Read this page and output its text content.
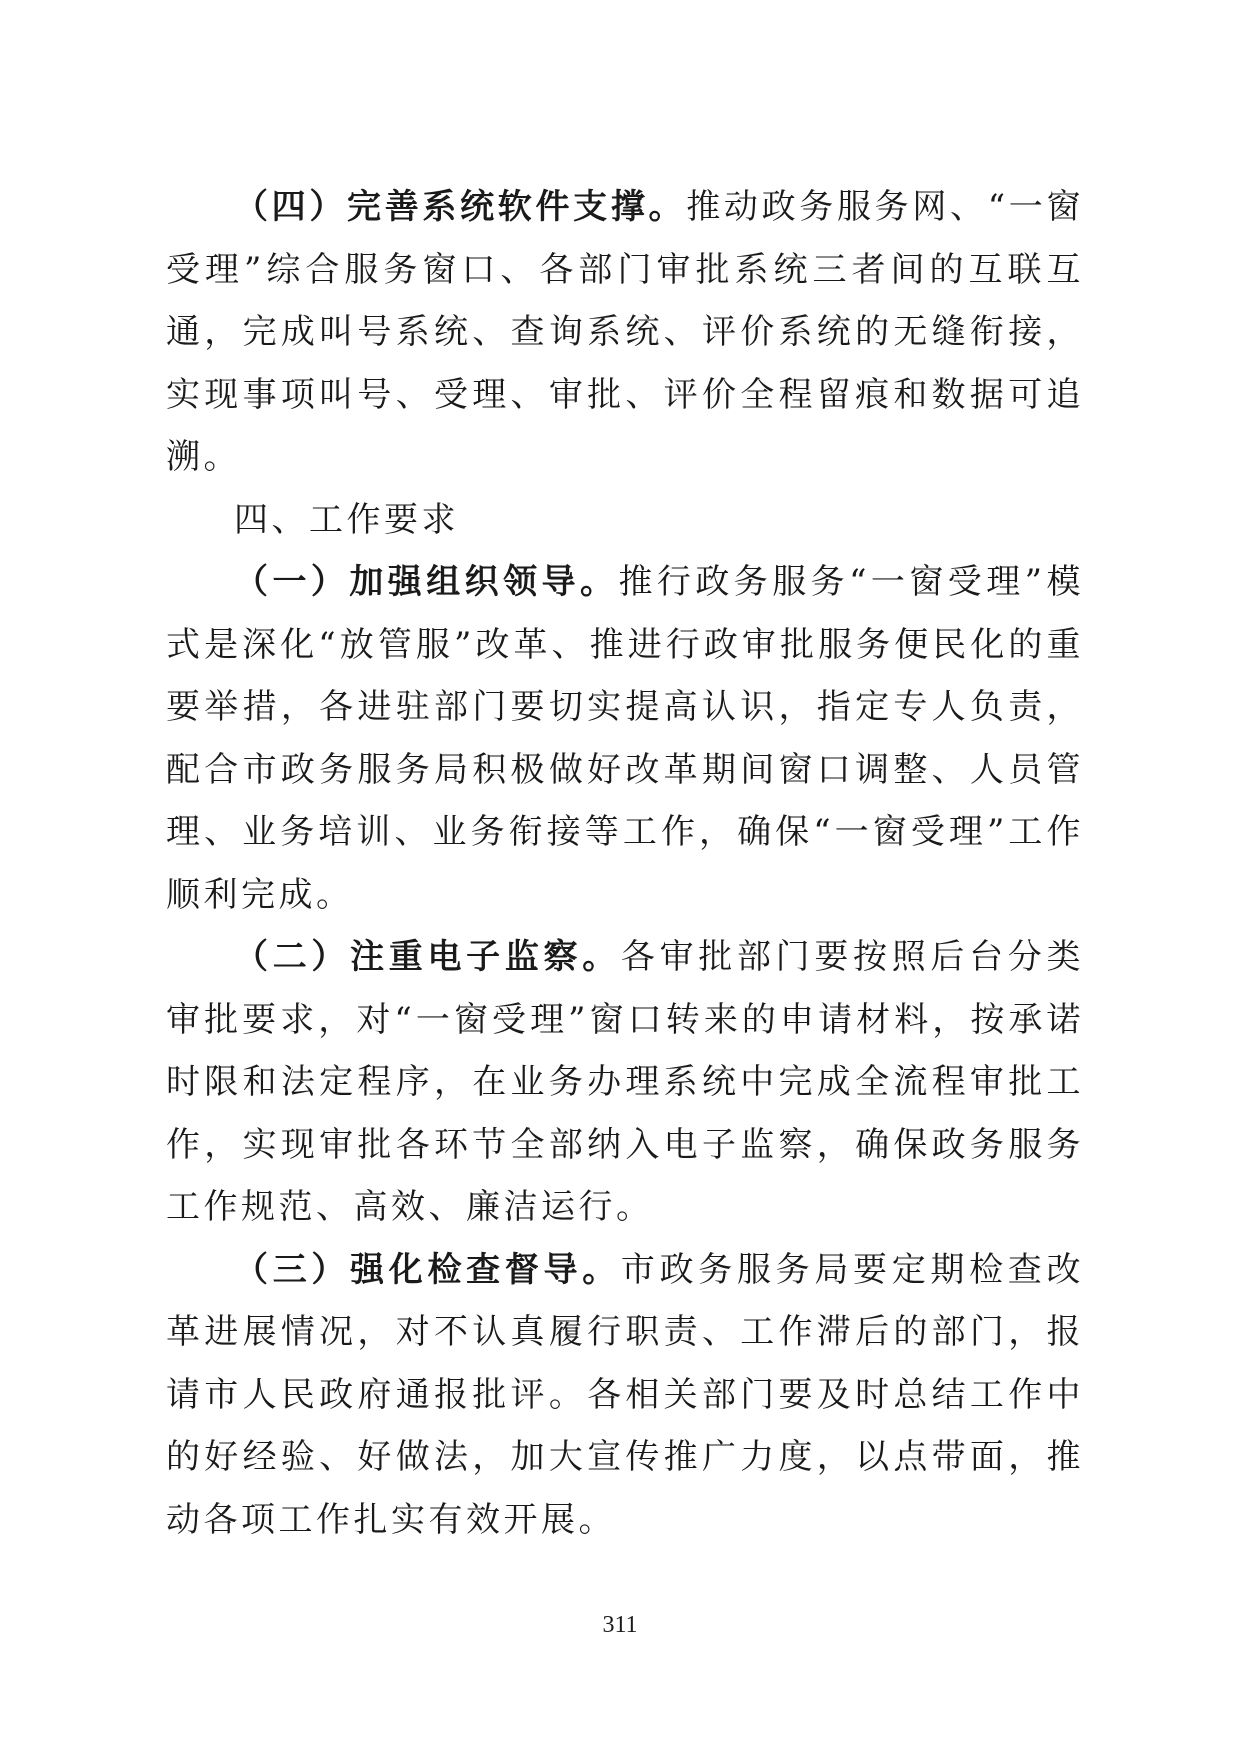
（四）完善系统软件支撑。推动政务服务网、“一窗受理”综合服务窗口、各部门审批系统三者间的互联互通，完成叫号系统、查询系统、评价系统的无缝衔接，实现事项叫号、受理、审批、评价全程留痕和数据可追溯。

四、工作要求

（一）加强组织领导。推行政务服务“一窗受理”模式是深化“放管服”改革、推进行政审批服务便民化的重要举措，各进驻部门要切实提高认识，指定专人负责，配合市政务服务局积极做好改革期间窗口调整、人员管理、业务培训、业务衔接等工作，确保“一窗受理”工作顺利完成。

（二）注重电子监察。各审批部门要按照后台分类审批要求，对“一窗受理”窗口转来的申请材料，按承诺时限和法定程序，在业务办理系统中完成全流程审批工作，实现审批各环节全部纳入电子监察，确保政务服务工作规范、高效、廉洁运行。

（三）强化检查督导。市政务服务局要定期检查改革进展情况，对不认真履行职责、工作滞后的部门，报请市人民政府通报批评。各相关部门要及时总结工作中的好经验、好做法，加大宣传推广力度，以点带面，推动各项工作扎实有效开展。

311
